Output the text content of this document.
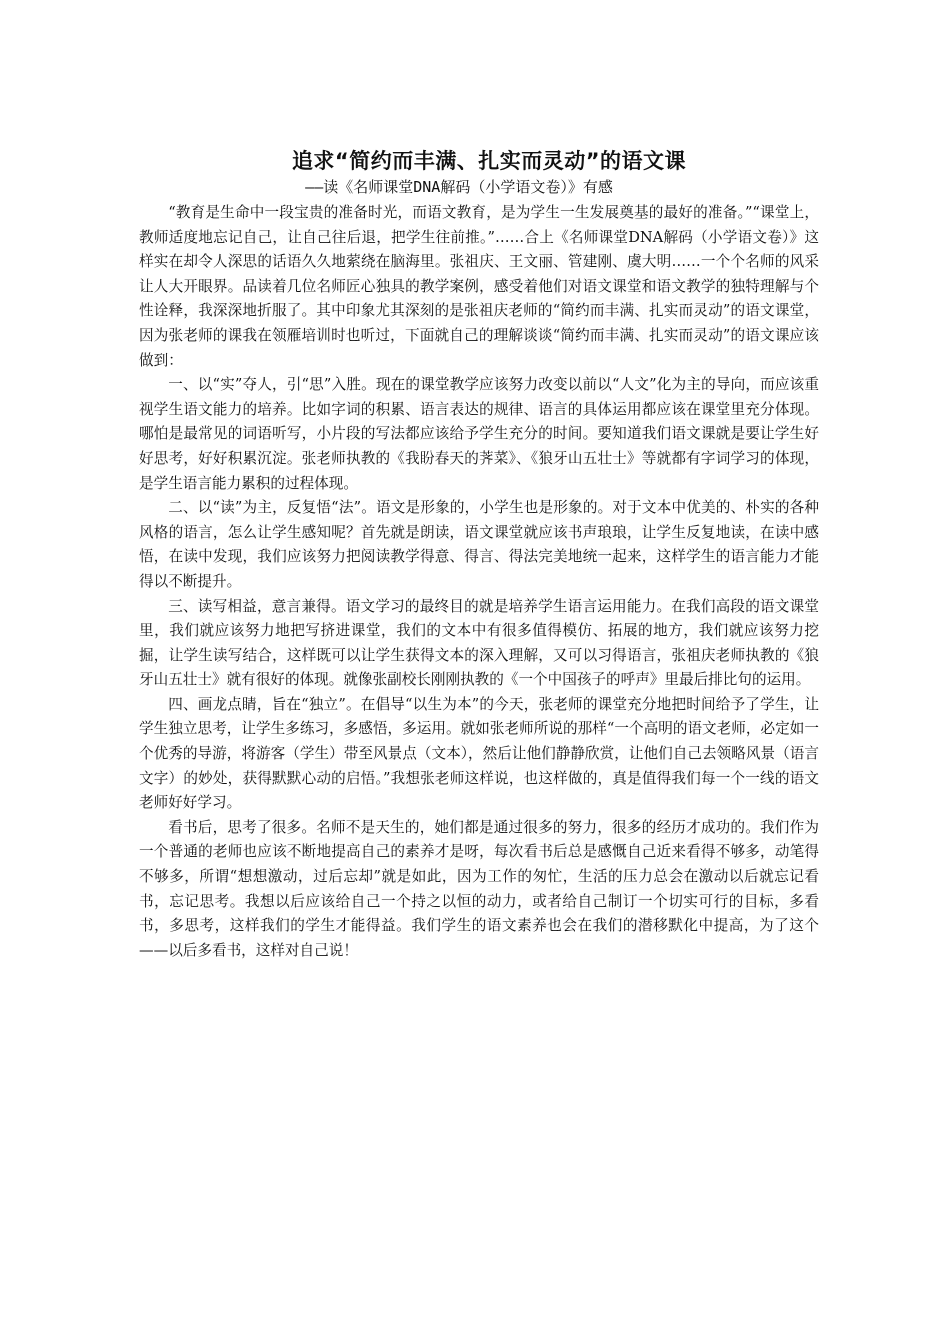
追求“简约而丰满、扎实而灵动”的语文课

——读《名师课堂DNA解码（小学语文卷）》有感

“教育是生命中一段宝贵的准备时光，而语文教育，是为学生一生发展奠基的最好的准备。”“课堂上，教师适度地忘记自己，让自己往后退，把学生往前推。”……合上《名师课堂DNA解码（小学语文卷）》这样实在却令人深思的话语久久地萦绕在脑海里。张祖庆、王文丽、管建刚、虞大明……一个个名师的风采让人大开眼界。品读着几位名师匠心独具的教学案例，感受着他们对语文课堂和语文教学的独特理解与个性诠释，我深深地折服了。其中印象尤其深刻的是张祖庆老师的“简约而丰满、扎实而灵动”的语文课堂，因为张老师的课我在领雁培训时也听过，下面就自己的理解谈谈“简约而丰满、扎实而灵动”的语文课应该做到：

一、以“实”夺人，引“思”入胜。现在的课堂教学应该努力改变以前以“人文”化为主的导向，而应该重视学生语文能力的培养。比如字词的积累、语言表达的规律、语言的具体运用都应该在课堂里充分体现。哪怕是最常见的词语听写，小片段的写法都应该给予学生充分的时间。要知道我们语文课就是要让学生好好思考，好好积累沉淀。张老师执教的《我盼春天的荠菜》、《狼牙山五壮士》等就都有字词学习的体现，是学生语言能力累积的过程体现。

二、以“读”为主，反复悟“法”。语文是形象的，小学生也是形象的。对于文本中优美的、朴实的各种风格的语言，怎么让学生感知呢？首先就是朗读，语文课堂就应该书声琅琅，让学生反复地读，在读中感悟，在读中发现，我们应该努力把阅读教学得意、得言、得法完美地统一起来，这样学生的语言能力才能得以不断提升。

三、读写相益，意言兼得。语文学习的最终目的就是培养学生语言运用能力。在我们高段的语文课堂里，我们就应该努力地把写挤进课堂，我们的文本中有很多值得模仿、拓展的地方，我们就应该努力挖掘，让学生读写结合，这样既可以让学生获得文本的深入理解，又可以习得语言，张祖庆老师执教的《狼牙山五壮士》就有很好的体现。就像张副校长刚刚执教的《一个中国孩子的呼声》里最后排比句的运用。

四、画龙点睛，旨在“独立”。在倡导“以生为本”的今天，张老师的课堂充分地把时间给予了学生，让学生独立思考，让学生多练习，多感悟，多运用。就如张老师所说的那样“一个高明的语文老师，必定如一个优秀的导游，将游客（学生）带至风景点（文本），然后让他们静静欣赏，让他们自己去领略风景（语言文字）的妙处，获得默默心动的启悟。”我想张老师这样说，也这样做的，真是值得我们每一个一线的语文老师好好学习。

看书后，思考了很多。名师不是天生的，她们都是通过很多的努力，很多的经历才成功的。我们作为一个普通的老师也应该不断地提高自己的素养才是呀，每次看书后总是感慨自己近来看得不够多，动笔得不够多，所谓“想想激动，过后忘却”就是如此，因为工作的匆忙，生活的压力总会在激动以后就忘记看书，忘记思考。我想以后应该给自己一个持之以恒的动力，或者给自己制订一个切实可行的目标，多看书，多思考，这样我们的学生才能得益。我们学生的语文素养也会在我们的潜移默化中提高，为了这个——以后多看书，这样对自己说！
